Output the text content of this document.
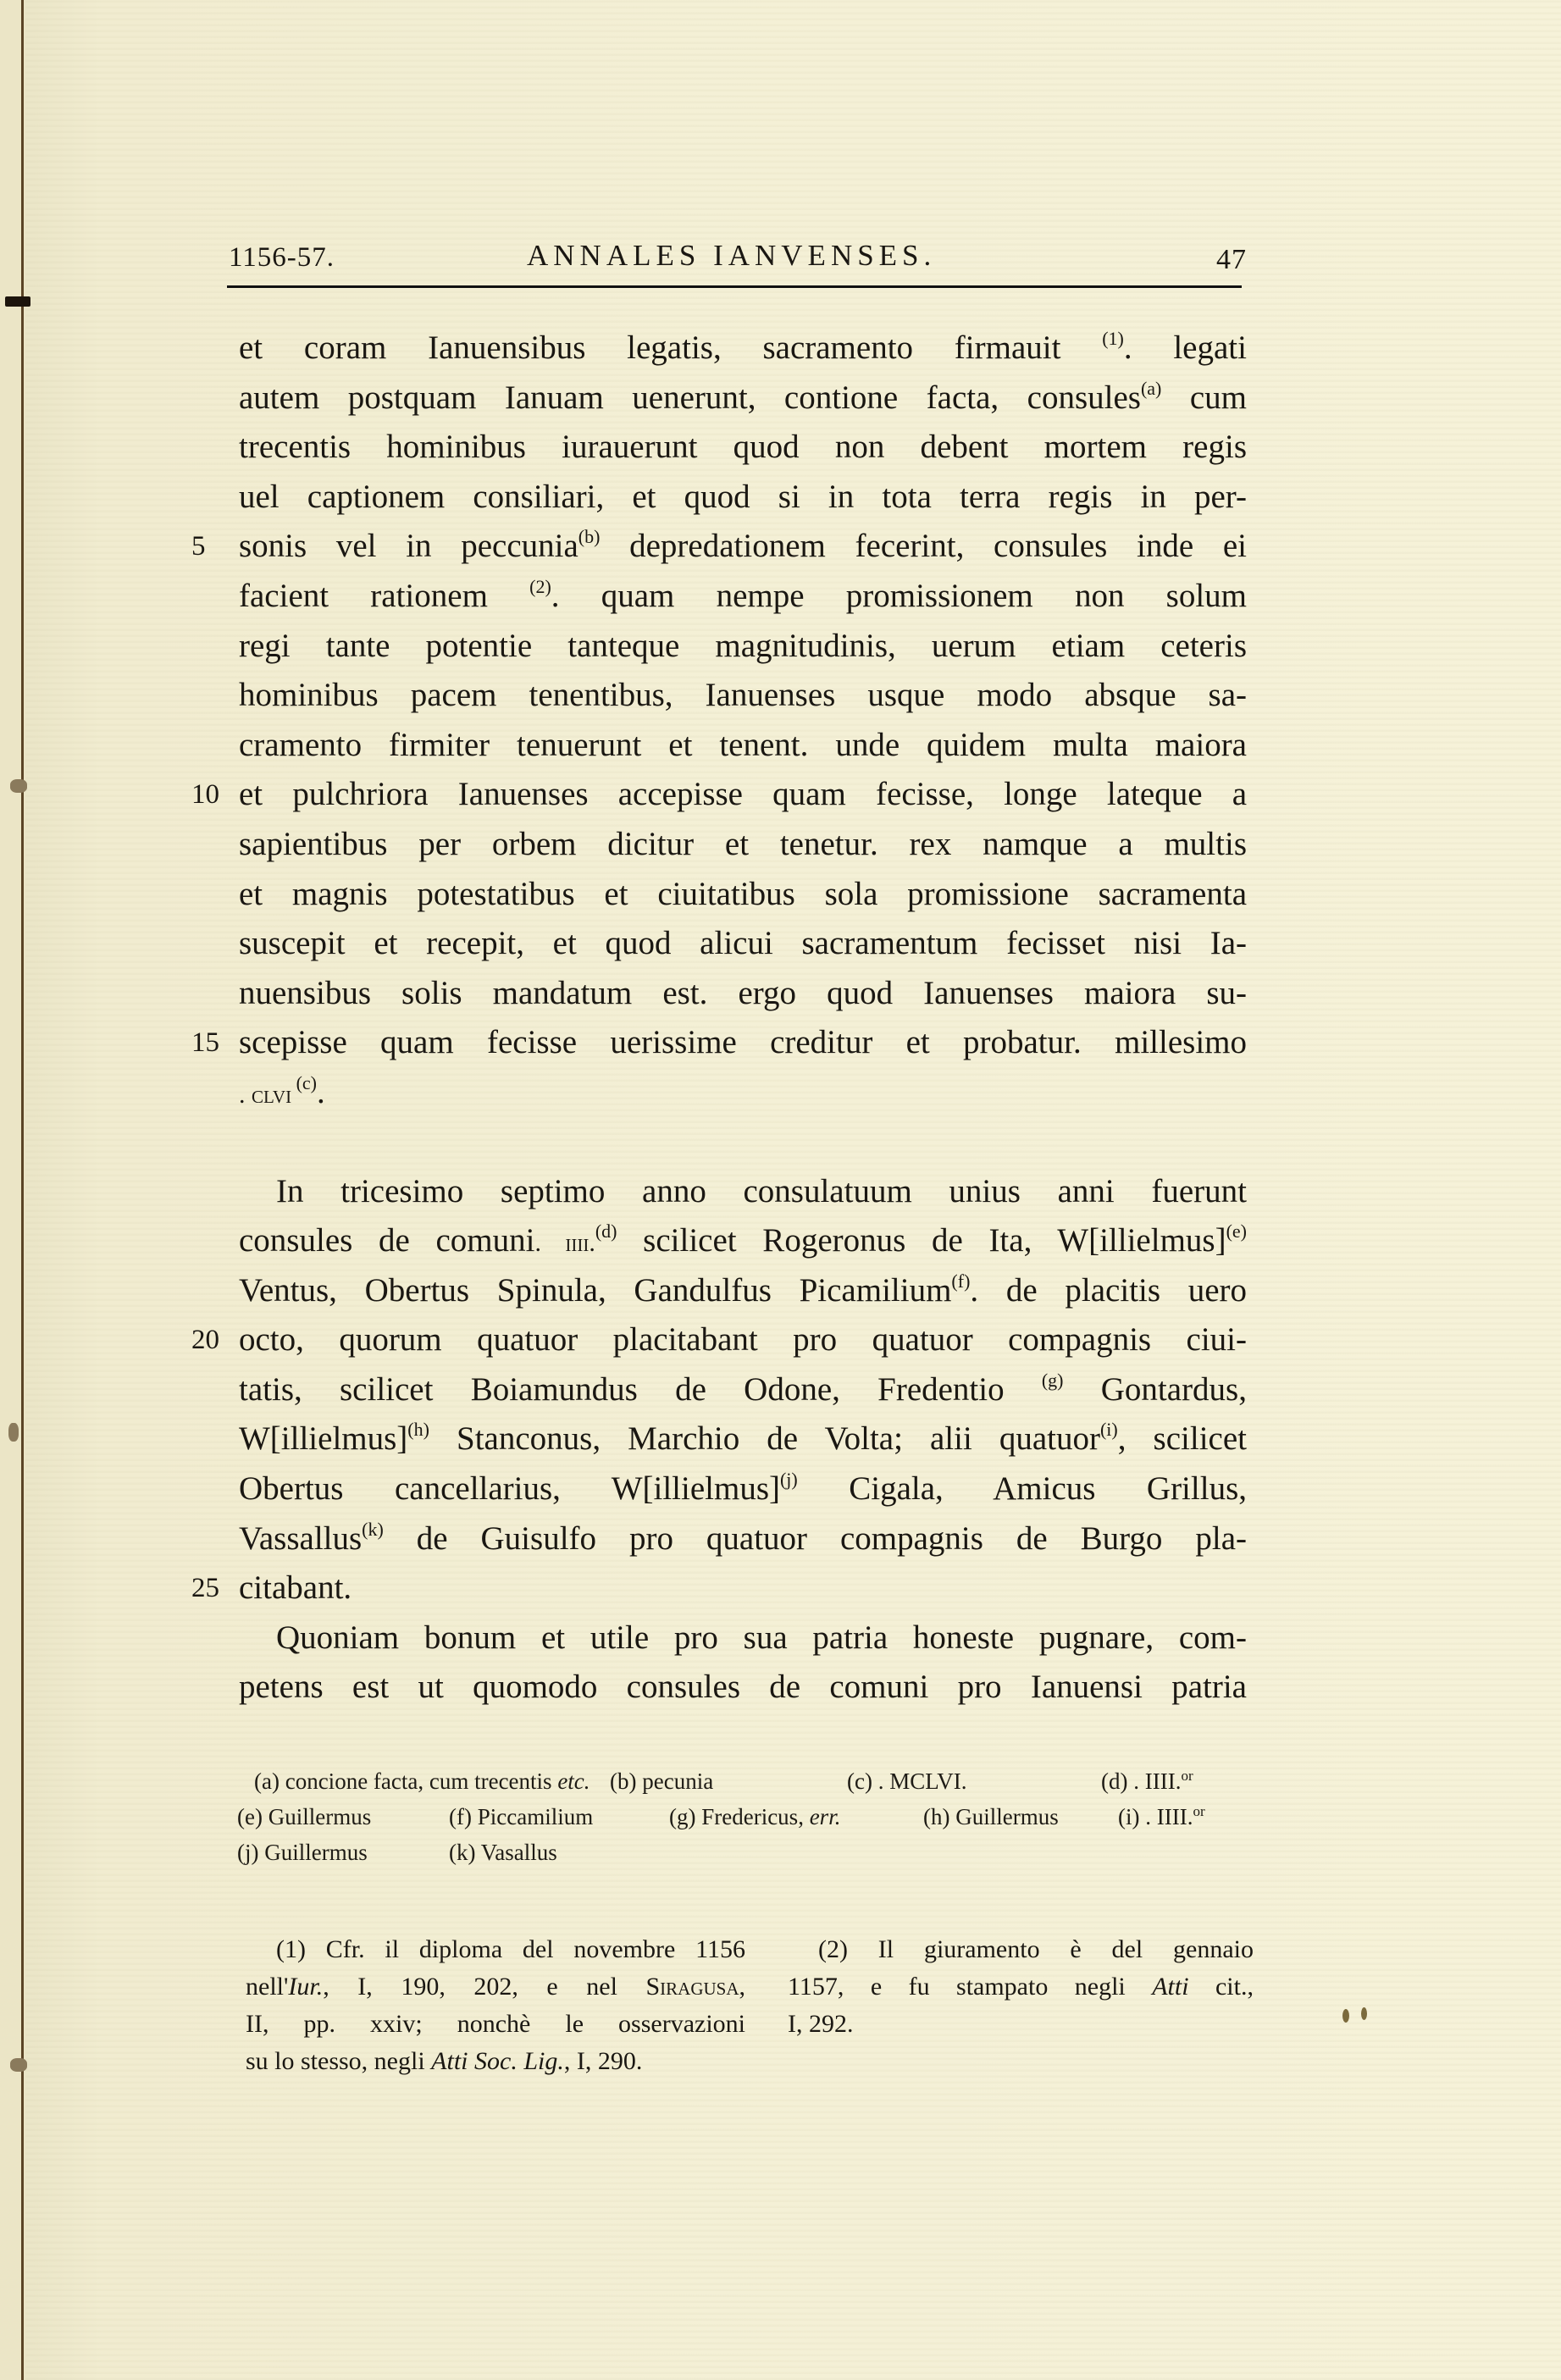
1156-57.	ANNALES IANVENSES.	47
et coram Ianuensibus legatis, sacramento firmauit $^{(1)}$. legati
autem postquam Ianuam uenerunt, contione facta, consules$^{(a)}$ cum
trecentis hominibus iurauerunt quod non debent mortem regis
uel captionem consiliari, et quod si in tota terra regis in per-
5 sonis vel in peccunia$^{(b)}$ depredationem fecerint, consules inde ei
facient rationem $^{(2)}$. quam nempe promissionem non solum
regi tante potentie tanteque magnitudinis, uerum etiam ceteris
hominibus pacem tenentibus, Ianuenses usque modo absque sa-
cramento firmiter tenuerunt et tenent. unde quidem multa maiora
10 et pulchriora Ianuenses accepisse quam fecisse, longe lateque a
sapientibus per orbem dicitur et tenetur. rex namque a multis
et magnis potestatibus et ciuitatibus sola promissione sacramenta
suscepit et recepit, et quod alicui sacramentum fecisset nisi Ia-
nuensibus solis mandatum est. ergo quod Ianuenses maiora su-
15 scepisse quam fecisse uerissime creditur et probatur. millesimo
. clvi $^{(c)}$.
In tricesimo septimo anno consulatuum unius anni fuerunt
consules de comuni. iiii.$^{(d)}$ scilicet Rogeronus de Ita, W[illielmus]$^{(e)}$
Ventus, Obertus Spinula, Gandulfus Picamilium$^{(f)}$. de placitis uero
20 octo, quorum quatuor placitabant pro quatuor compagnis ciui-
tatis, scilicet Boiamundus de Odone, Fredentio $^{(g)}$ Gontardus,
W[illielmus]$^{(h)}$ Stanconus, Marchio de Volta; alii quatuor$^{(i)}$, scilicet
Obertus cancellarius, W[illielmus]$^{(j)}$ Cigala, Amicus Grillus,
Vassallus$^{(k)}$ de Guisulfo pro quatuor compagnis de Burgo pla-
25 citabant.
Quoniam bonum et utile pro sua patria honeste pugnare, com-
petens est ut quomodo consules de comuni pro Ianuensi patria
(a) concione facta, cum trecentis etc. (b) pecunia	(c) . MCLVI.	(d) . IIII.$^{or}$
(e) Guillermus	(f) Piccamilium	(g) Fredericus, err.	(h) Guillermus	(i) . IIII.$^{or}$
(j) Guillermus	(k) Vasallus
(1) Cfr. il diploma del novembre 1156
nell'Iur., I, 190, 202, e nel Siragusa,
II, pp. xxiv; nonchè le osservazioni
su lo stesso, negli Atti Soc. Lig., I, 290.
(2) Il giuramento è del gennaio
1157, e fu stampato negli Atti cit.,
I, 292.
